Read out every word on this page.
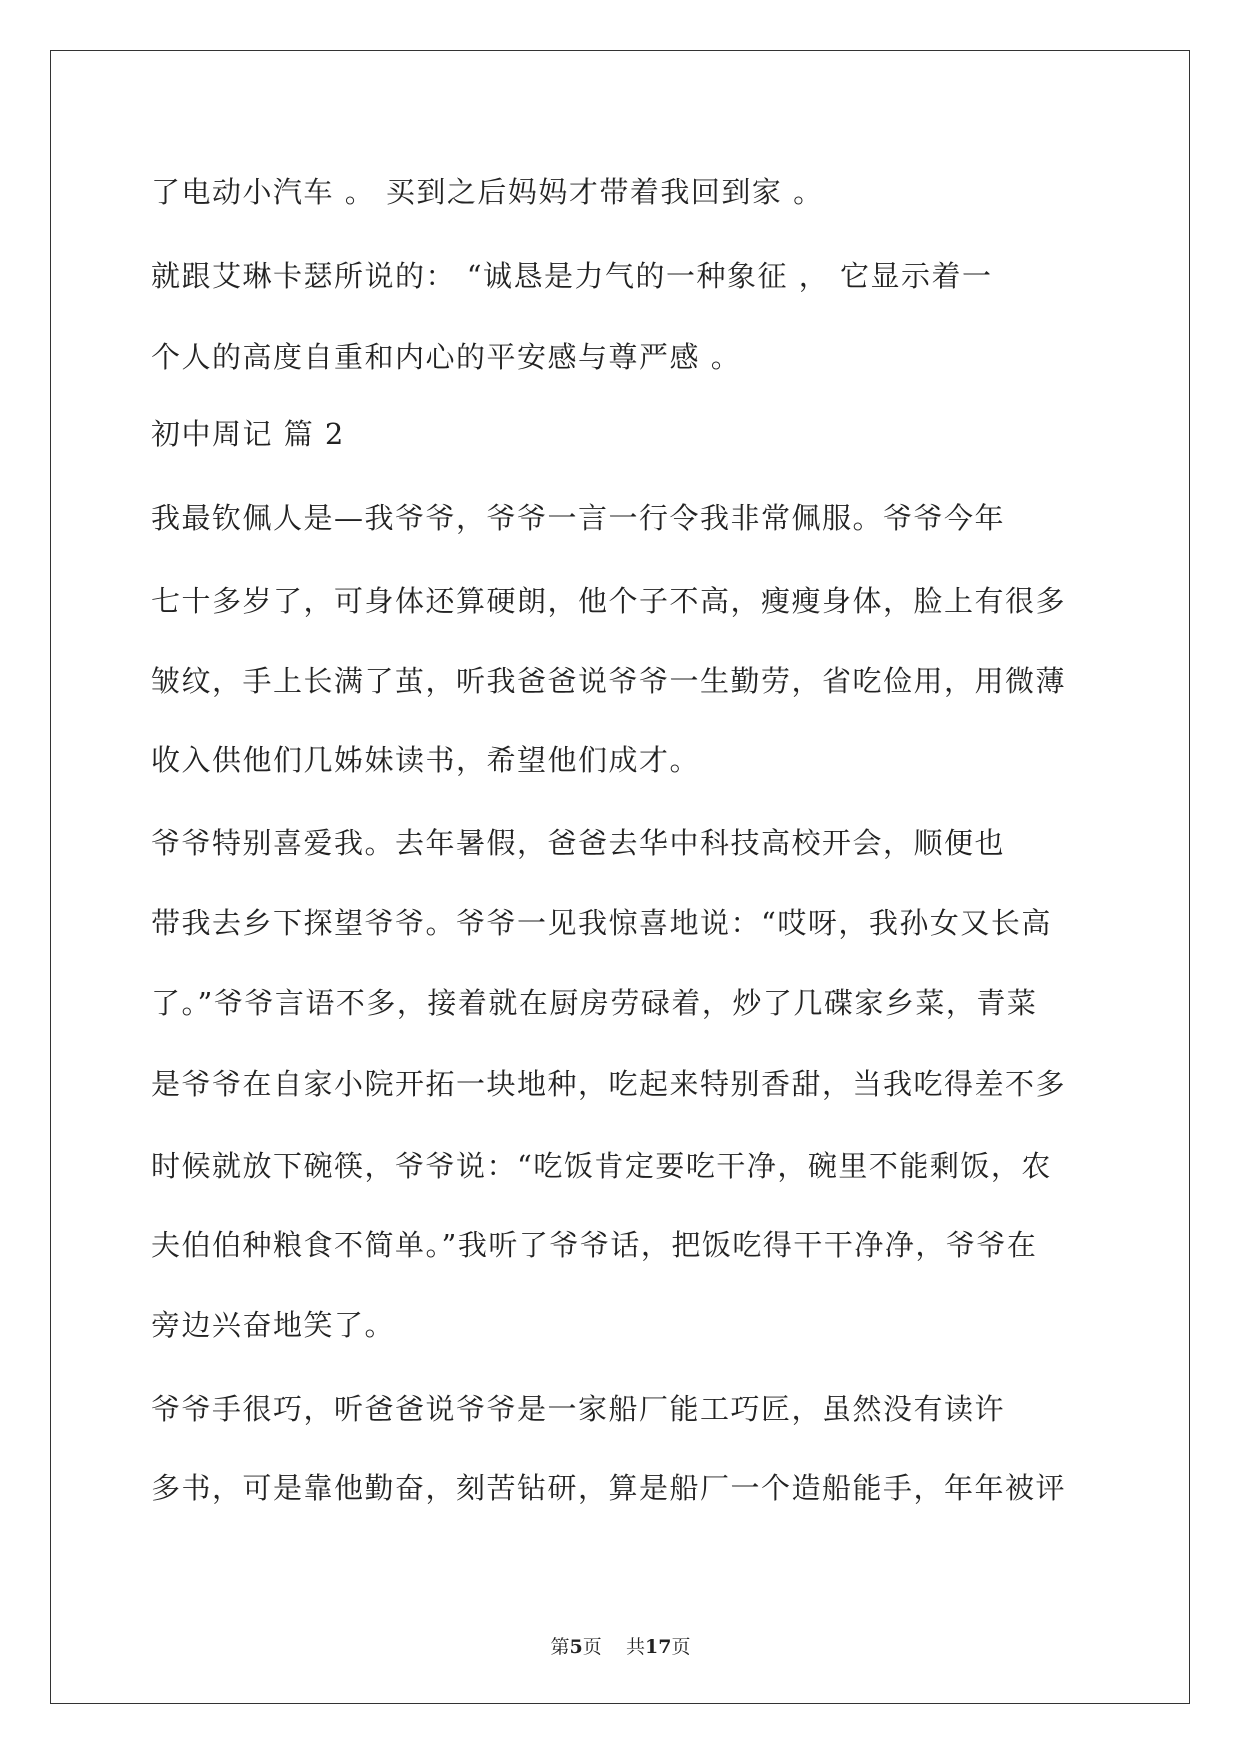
了电动小汽车 。 买到之后妈妈才带着我回到家 。
就跟艾琳卡瑟所说的： “诚恳是力气的一种象征 ， 它显示着一
个人的高度自重和内心的平安感与尊严感 。
初中周记 篇 2
我最钦佩人是—我爷爷，爷爷一言一行令我非常佩服。爷爷今年
七十多岁了，可身体还算硬朗，他个子不高，瘦瘦身体，脸上有很多
皱纹，手上长满了茧，听我爸爸说爷爷一生勤劳，省吃俭用，用微薄
收入供他们几姊妹读书，希望他们成才。
爷爷特别喜爱我。去年暑假，爸爸去华中科技高校开会，顺便也
带我去乡下探望爷爷。爷爷一见我惊喜地说：“哎呀，我孙女又长高
了。”爷爷言语不多，接着就在厨房劳碌着，炒了几碟家乡菜，青菜
是爷爷在自家小院开拓一块地种，吃起来特别香甜，当我吃得差不多
时候就放下碗筷，爷爷说：“吃饭肯定要吃干净，碗里不能剩饭，农
夫伯伯种粮食不简单。”我听了爷爷话，把饭吃得干干净净，爷爷在
旁边兴奋地笑了。
爷爷手很巧，听爸爸说爷爷是一家船厂能工巧匠，虽然没有读许
多书，可是靠他勤奋，刻苦钻研，算是船厂一个造船能手，年年被评
第5页 共17页
